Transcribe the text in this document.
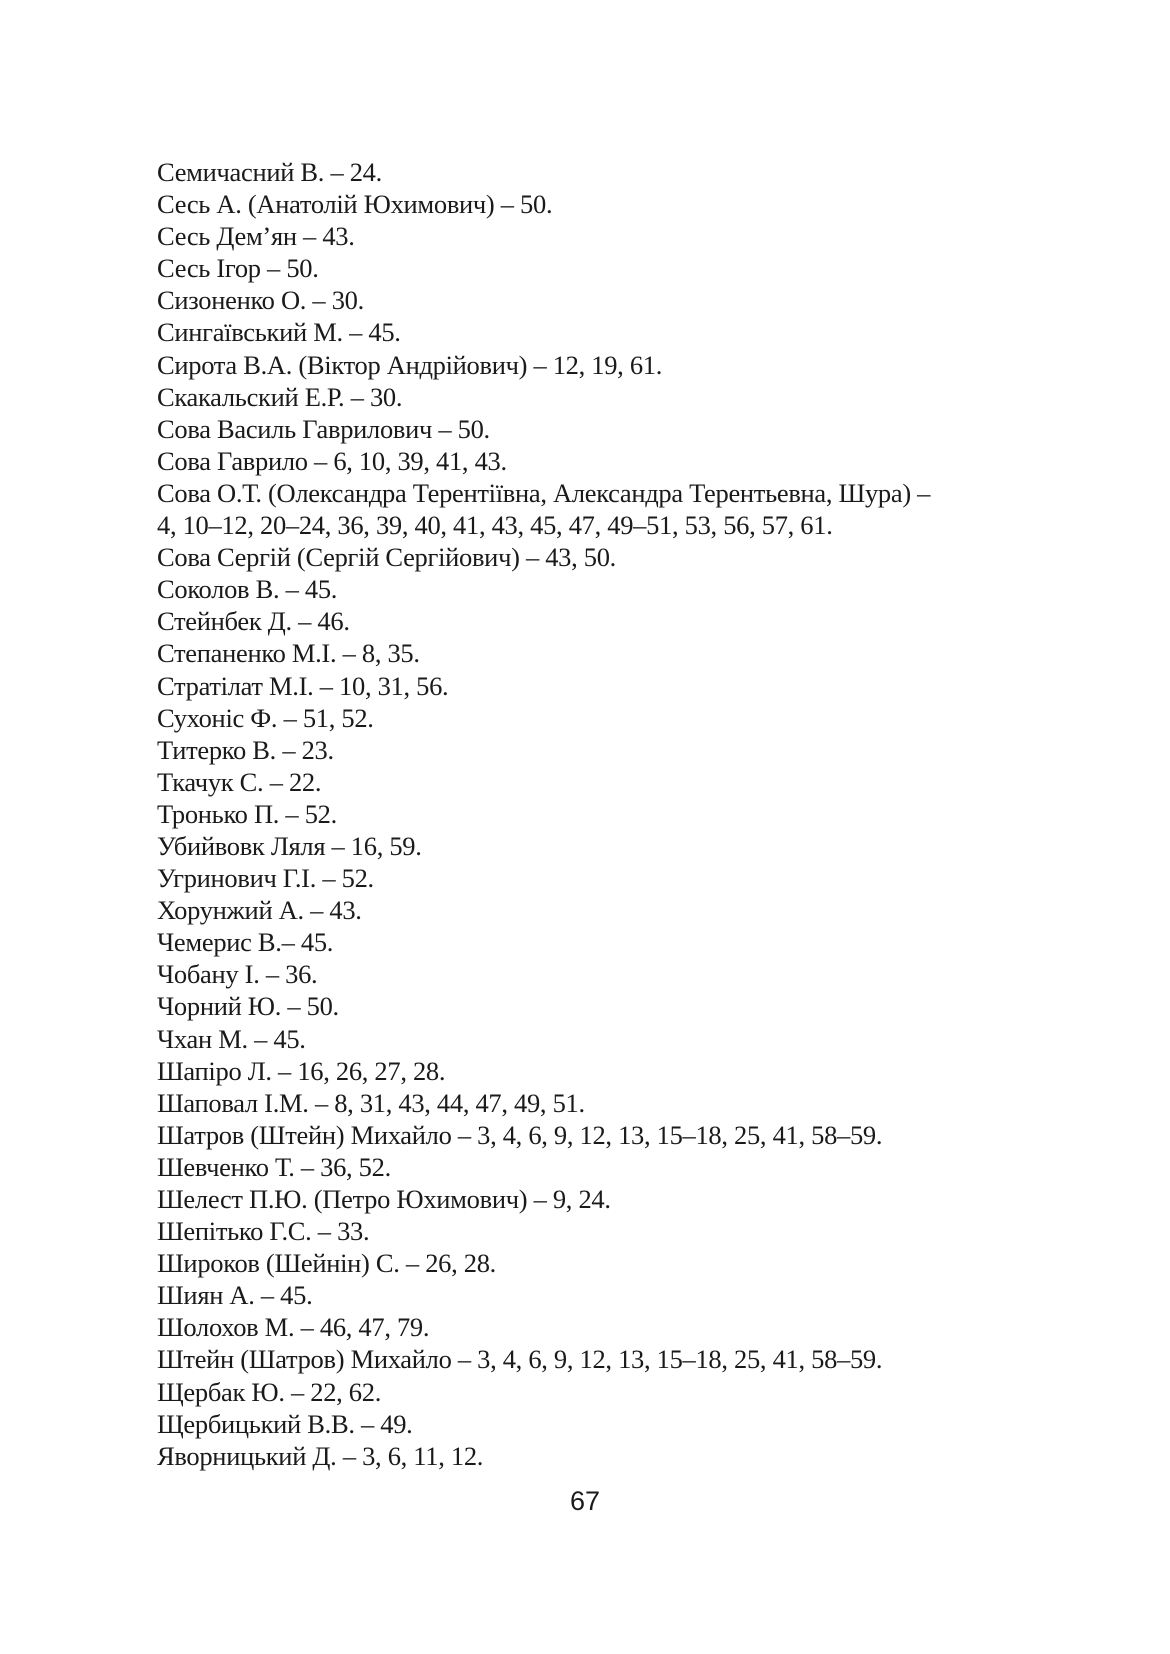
Семичасний В. – 24.
Сесь А. (Анатолій Юхимович) – 50.
Сесь Дем’ян – 43.
Сесь Ігор – 50.
Сизоненко О. – 30.
Сингаївський М. – 45.
Сирота В.А. (Віктор Андрійович) – 12, 19, 61.
Скакальский Е.Р. – 30.
Сова Василь Гаврилович – 50.
Сова Гаврило – 6, 10, 39, 41, 43.
Сова О.Т. (Олександра Терентіївна, Александра Терентьевна, Шура) –
4, 10–12, 20–24, 36, 39, 40, 41, 43, 45, 47, 49–51, 53, 56, 57, 61.
Сова Сергій (Сергій Сергійович) – 43, 50.
Соколов В. – 45.
Стейнбек Д. – 46.
Степаненко М.І. – 8, 35.
Стратілат М.І. – 10, 31, 56.
Сухоніс Ф. – 51, 52.
Титерко В. – 23.
Ткачук С. – 22.
Тронько П. – 52.
Убийвовк Ляля – 16, 59.
Угринович Г.І. – 52.
Хорунжий А. – 43.
Чемерис В.– 45.
Чобану І. – 36.
Чорний Ю. – 50.
Чхан М. – 45.
Шапіро Л. – 16, 26, 27, 28.
Шаповал І.М. – 8, 31, 43, 44, 47, 49, 51.
Шатров (Штейн) Михайло – 3, 4, 6, 9, 12, 13, 15–18, 25, 41, 58–59.
Шевченко Т. – 36, 52.
Шелест П.Ю. (Петро Юхимович) – 9, 24.
Шепітько Г.С. – 33.
Широков (Шейнін) С. – 26, 28.
Шиян А. – 45.
Шолохов М. – 46, 47, 79.
Штейн (Шатров) Михайло – 3, 4, 6, 9, 12, 13, 15–18, 25, 41, 58–59.
Щербак Ю. – 22, 62.
Щербицький В.В. – 49.
Яворницький Д. – 3, 6, 11, 12.
67
